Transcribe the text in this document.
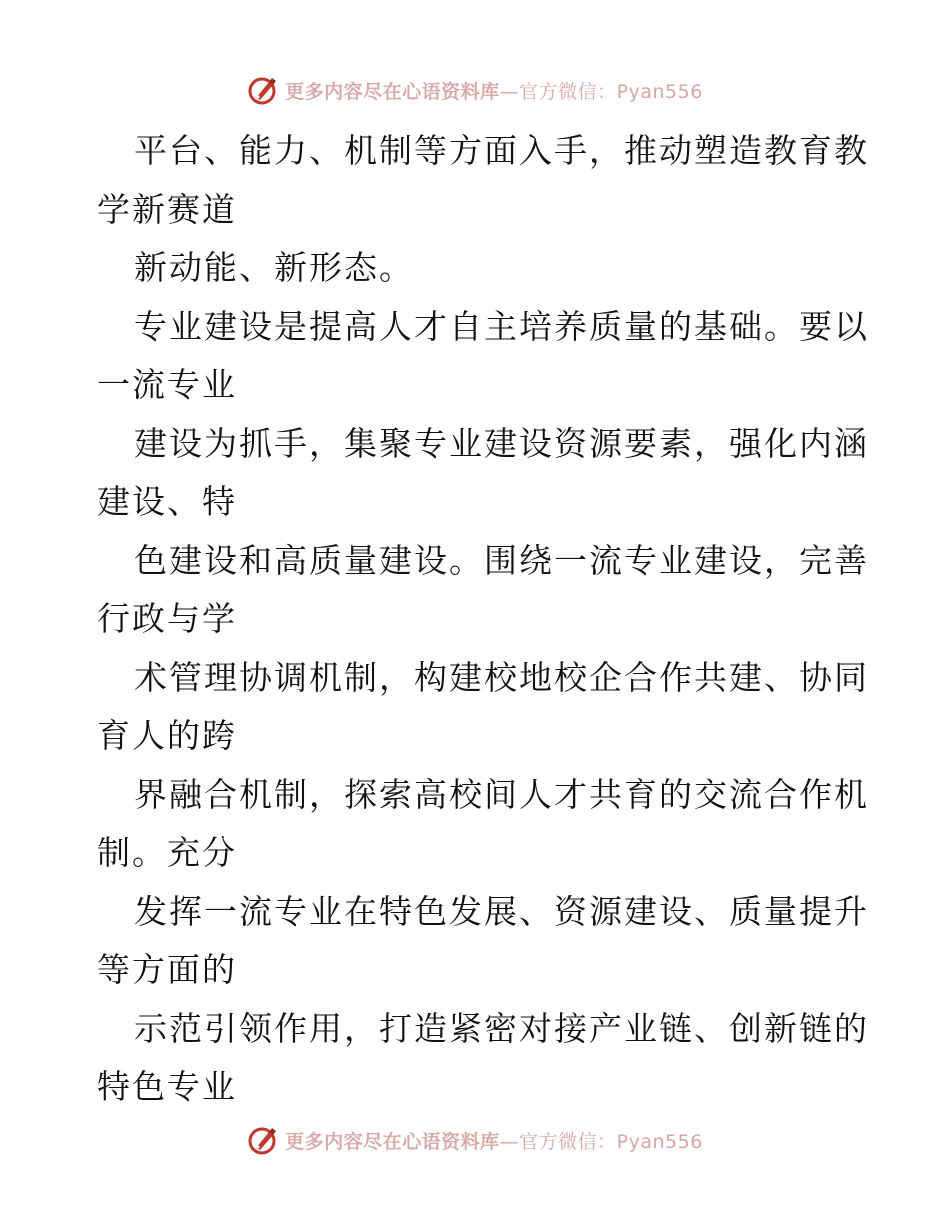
更多内容尽在心语资料库—官方微信：Pyan556
平台、能力、机制等方面入手，推动塑造教育教
学新赛道
新动能、新形态。
专业建设是提高人才自主培养质量的基础。要以
一流专业
建设为抓手，集聚专业建设资源要素，强化内涵
建设、特
色建设和高质量建设。围绕一流专业建设，完善
行政与学
术管理协调机制，构建校地校企合作共建、协同
育人的跨
界融合机制，探索高校间人才共育的交流合作机
制。充分
发挥一流专业在特色发展、资源建设、质量提升
等方面的
示范引领作用，打造紧密对接产业链、创新链的
特色专业
更多内容尽在心语资料库—官方微信：Pyan556
